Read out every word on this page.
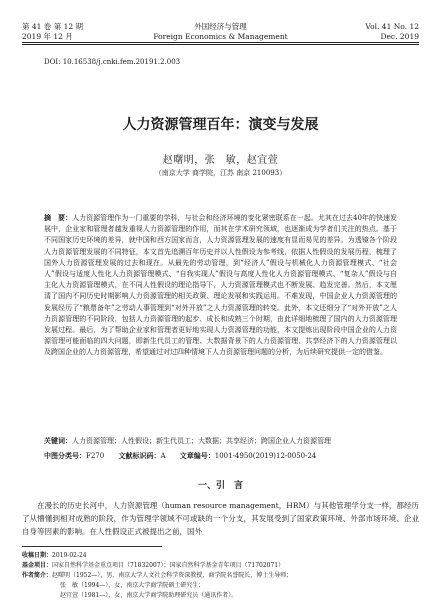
第 41 卷 第 12 期
2019 年 12 月
外国经济与管理
Foreign Economics & Management
Vol. 41 No. 12
Dec. 2019
DOI: 10.16538/j.cnki.fem.20191.2.003
人力资源管理百年：演变与发展
赵曙明，张　敏，赵宜萱
（南京大学 商学院，江苏 南京 210093）
摘　要：人力资源管理作为一门重要的学科，与社会和经济环境的变化紧密联系在一起。尤其在过去40年的快速发展中，企业家和管理者越发重视人力资源管理的作用，而其在学术研究领域，也逐渐成为学者们关注的热点。基于不同国家历史环境的差异，就中国和西方国家而言，人力资源管理发展的速度有显而易见的差异。为透镜各个阶段人力资源管理发展的不同特征，本文首先追溯百年历史并以人性假设为参考线，依据人性假设的发展历程，梳理了国外人力资源管理发展的过去和现在。从最先的劳动管理，到“经济人”假设与机械化人力资源管理模式、“社会人”假设与适度人性化人力资源管理模式、“自我实现人”假设与高度人性化人力资源管理模式、“复杂人”假设与自主化人力资源管理模式，在不同人性假设的理论指导下，人力资源管理模式也不断发展、趋发完善。然后，本文厘清了国内不同历史时期影响人力资源管理的相关政策、理论发展和实践运用。不难发现，中国企业人力资源管理的发展经历了“粮票备年”之劳动人事管理到“对外开放”之人力资源管理的转变。此外，本文还细分了“对外开放”之人力资源管理的不同阶段，包括人力资源管理的起步、成长和成熟三个时期，由此详细地梳理了国内的人力资源管理发展过程。最后，为了帮助企业家和管理者更好地实现人力资源管理的功能，本文提炼出现阶段中国企业的人力资源管理可能面临的四大问题，即新生代员工的管理、大数据背景下的人力资源管理、共享经济下的人力资源管理以及跨国企业的人力资源管理，希望通过对过四种情境下人力资源管理问题的分析，为后续研究提供一定的借鉴。
关键词：人力资源管理；人性假设；新生代员工；大数据；共享经济；跨国企业人力资源管理
中图分类号：F270 文献标识码：A 文章编号：1001-4950(2019)12-0050-24
一、引　言
在漫长的历史长河中，人力资源管理（human resource management，HRM）与其他管理学分支一样，都经历了从懵懂到相对成熟的阶段，作为管理学领域不可或缺的一个分支，其发展受到了国家政策环境、外部市场环境、企业自身等因素的影响。在人性假设正式被提出之前，国外
收稿日期：2019-02-24
基金项目：国家自然科学基金重点项目（71832007）；国家自然科学基金青年项目（71702071）
作者简介：赵曙明（1952—），男，南京大学人文社会科学资深教授，商学院名誉院长，博士生导师；
张　敏（1994—），女，南京大学商学院硕士研究生；
赵宜萱（1981—），女，南京大学商学院助理研究员（通讯作者）。
